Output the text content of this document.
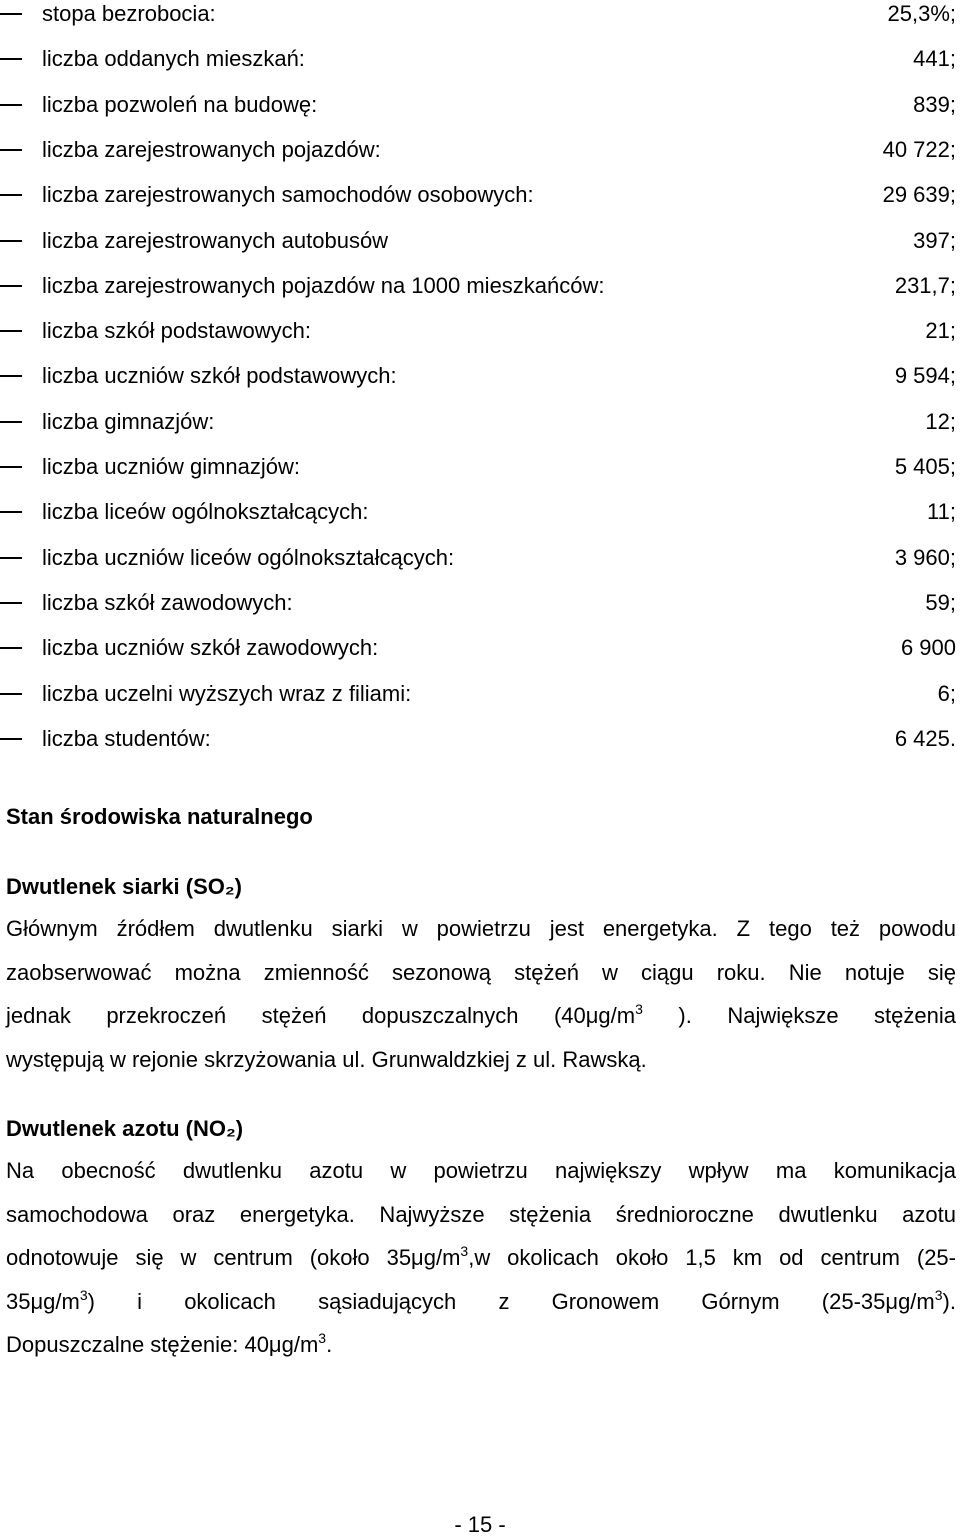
stopa bezrobocia:	25,3%;
liczba oddanych mieszkań:	441;
liczba pozwoleń na budowę:	839;
liczba zarejestrowanych pojazdów:	40 722;
liczba zarejestrowanych samochodów osobowych:	29 639;
liczba zarejestrowanych autobusów	397;
liczba zarejestrowanych pojazdów na 1000 mieszkańców:	231,7;
liczba szkół podstawowych:	21;
liczba uczniów szkół podstawowych:	9 594;
liczba gimnazjów:	12;
liczba uczniów gimnazjów:	5 405;
liczba liceów ogólnokształcących:	11;
liczba uczniów liceów ogólnokształcących:	3 960;
liczba szkół zawodowych:	59;
liczba uczniów szkół zawodowych:	6 900
liczba uczelni wyższych wraz z filiami:	6;
liczba studentów:	6 425.
Stan środowiska naturalnego
Dwutlenek siarki (SO₂)
Głównym źródłem dwutlenku siarki w powietrzu jest energetyka. Z tego też powodu
zaobserwować można zmienność sezonową stężeń w ciągu roku. Nie notuje się
jednak przekroczeń stężeń dopuszczalnych ($40\mu g/m^3$ ). Największe stężenia
występują w rejonie skrzyżowania ul. Grunwaldzkiej z ul. Rawską.
Dwutlenek azotu (NO₂)
Na obecność dwutlenku azotu w powietrzu największy wpływ ma komunikacja
samochodowa oraz energetyka. Najwyższe stężenia średnioroczne dwutlenku azotu
odnotowuje się w centrum (około $35\mu g/m^3,w$ okolicach około 1,5 km od centrum (25-
$35\mu g/m^3$) i okolicach sąsiadujących z Gronowem Górnym $(25-35\mu g/m^3)$.
Dopuszczalne stężenie: $40\mu g/m^3$.
- 15 -
